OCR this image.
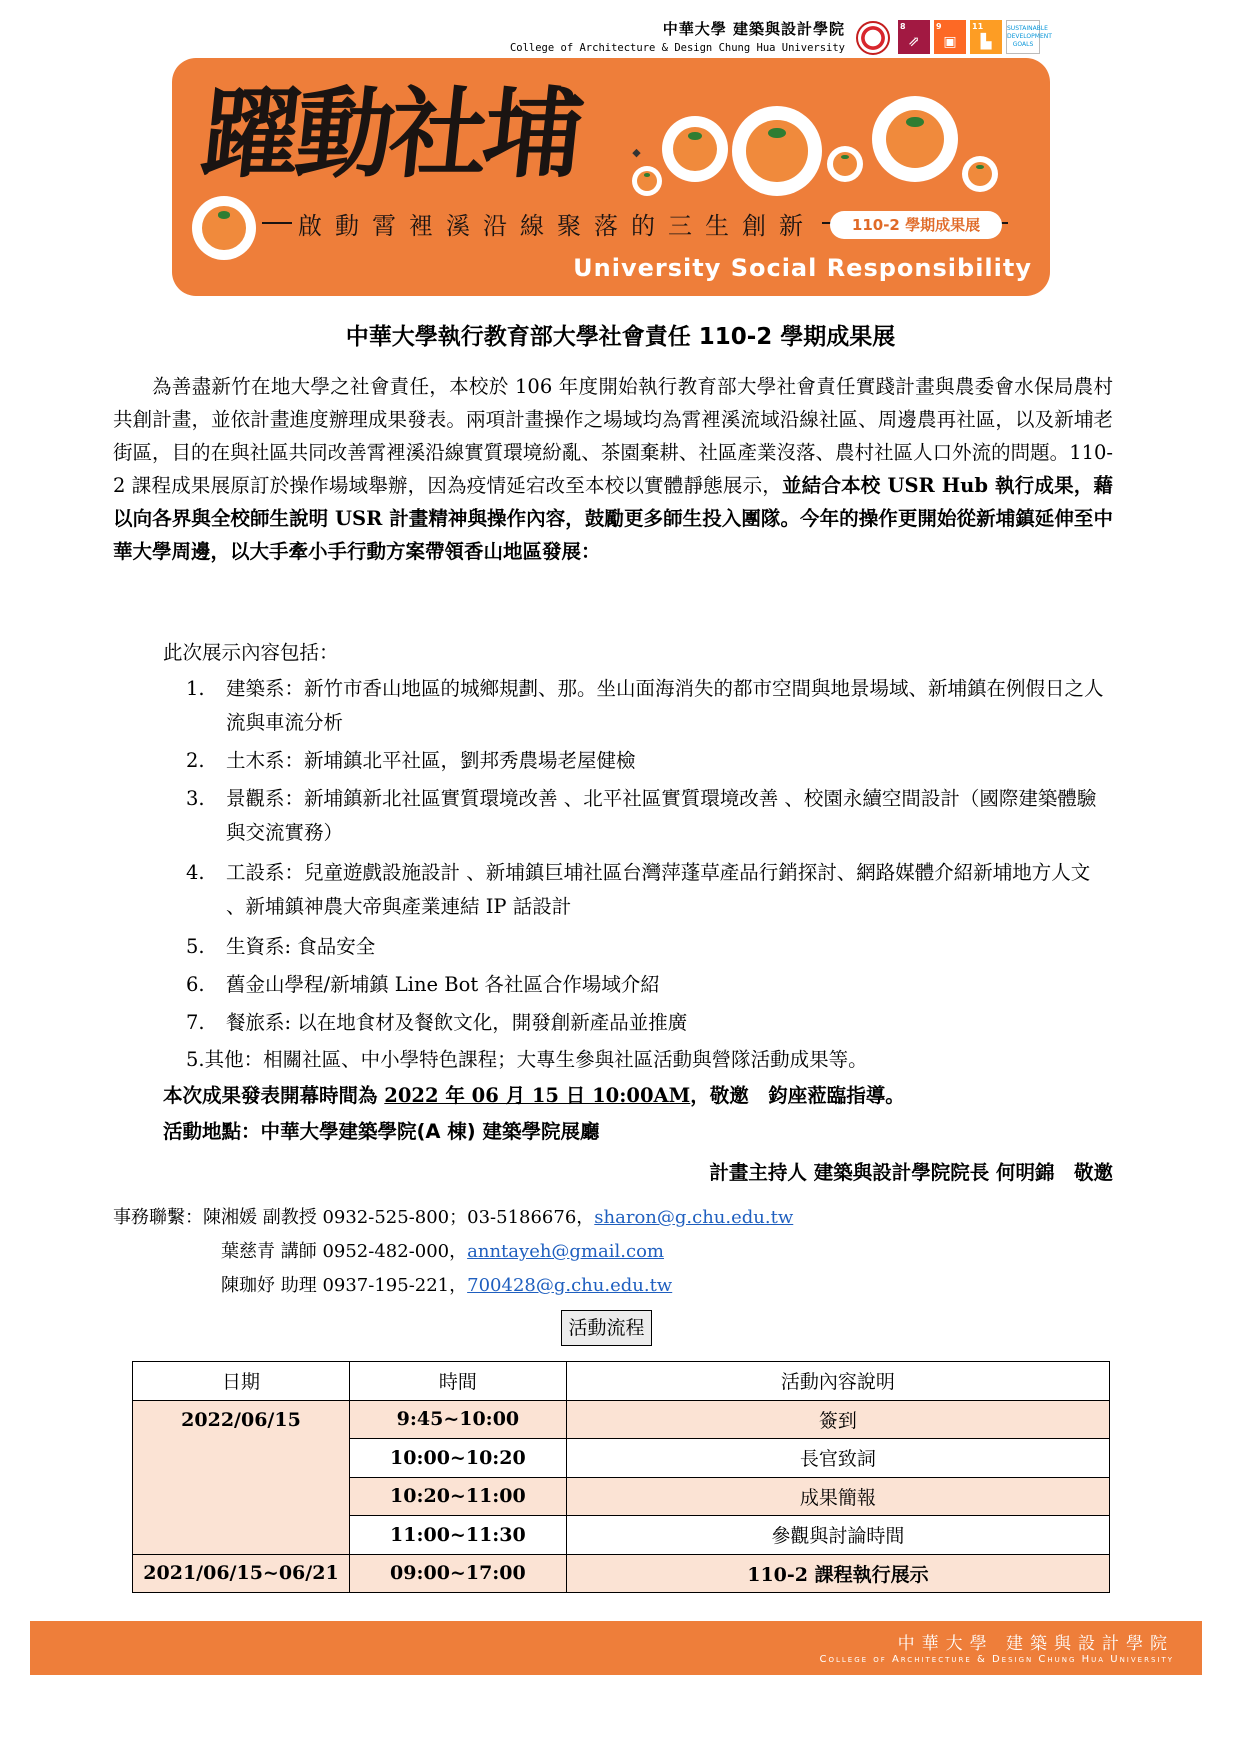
中華大學 建築與設計學院
College of Architecture & Design Chung Hua University
8
⇗
9
▣
11
▙
SUSTAINABLE DEVELOPMENT GOALS
躍動社埔	◆
啟動霄裡溪沿線聚落的三生創新	110-2 學期成果展
University Social Responsibility
中華大學執行教育部大學社會責任 110-2 學期成果展
為善盡新竹在地大學之社會責任，本校於 106 年度開始執行教育部大學社會責任實踐計畫與農委會水保局農村共創計畫，並依計畫進度辦理成果發表。兩項計畫操作之場域均為霄裡溪流域沿線社區、周邊農再社區，以及新埔老街區，目的在與社區共同改善霄裡溪沿線實質環境紛亂、茶園棄耕、社區產業沒落、農村社區人口外流的問題。110-2 課程成果展原訂於操作場域舉辦，因為疫情延宕改至本校以實體靜態展示，並結合本校 USR Hub 執行成果，藉以向各界與全校師生說明 USR 計畫精神與操作內容，鼓勵更多師生投入團隊。今年的操作更開始從新埔鎮延伸至中華大學周邊，以大手牽小手行動方案帶領香山地區發展：
此次展示內容包括：
1.	建築系：新竹市香山地區的城鄉規劃、那。坐山面海消失的都市空間與地景場域、新埔鎮在例假日之人流與車流分析
2.	土木系：新埔鎮北平社區，劉邦秀農場老屋健檢
3.	景觀系：新埔鎮新北社區實質環境改善 、北平社區實質環境改善 、校園永續空間設計（國際建築體驗與交流實務）
4.	工設系：兒童遊戲設施設計 、新埔鎮巨埔社區台灣萍蓬草產品行銷探討、網路媒體介紹新埔地方人文 、新埔鎮神農大帝與產業連結 IP 話設計
5.	生資系: 食品安全
6.	舊金山學程/新埔鎮 Line Bot 各社區合作場域介紹
7.	餐旅系: 以在地食材及餐飲文化，開發創新產品並推廣
5.其他：相關社區、中小學特色課程；大專生參與社區活動與營隊活動成果等。
本次成果發表開幕時間為 2022 年 06 月 15 日 10:00AM，敬邀　鈞座蒞臨指導。
活動地點：中華大學建築學院(A 棟) 建築學院展廳
計畫主持人 建築與設計學院院長 何明錦　敬邀
事務聯繫：陳湘媛 副教授 0932-525-800；03-5186676，sharon@g.chu.edu.tw
葉慈青 講師 0952-482-000，anntayeh@gmail.com
陳珈妤 助理 0937-195-221，700428@g.chu.edu.tw
活動流程
日期	時間	活動內容說明
2022/06/15	9:45~10:00	簽到
	10:00~10:20	長官致詞
	10:20~11:00	成果簡報
	11:00~11:30	參觀與討論時間
2021/06/15~06/21	09:00~17:00	110-2 課程執行展示
中華大學 建築與設計學院
College of Architecture & Design Chung Hua University
